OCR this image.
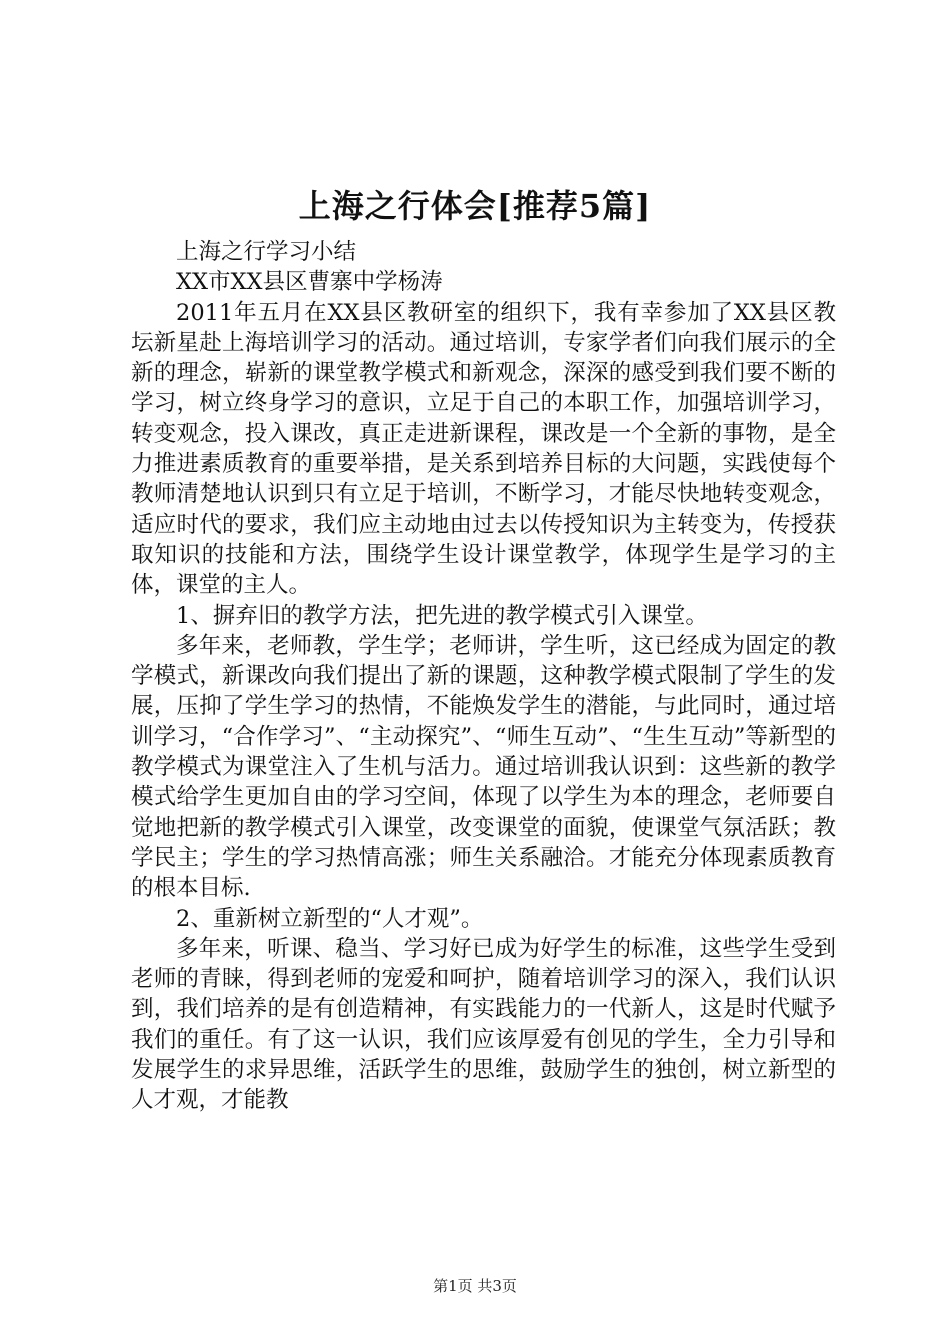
上海之行体会[推荐5篇]

上海之行学习小结

XX市XX县区曹寨中学杨涛

2011年五月在XX县区教研室的组织下，我有幸参加了XX县区教坛新星赴上海培训学习的活动。通过培训，专家学者们向我们展示的全新的理念，崭新的课堂教学模式和新观念，深深的感受到我们要不断的学习，树立终身学习的意识，立足于自己的本职工作，加强培训学习，转变观念，投入课改，真正走进新课程，课改是一个全新的事物，是全力推进素质教育的重要举措，是关系到培养目标的大问题，实践使每个教师清楚地认识到只有立足于培训，不断学习，才能尽快地转变观念，适应时代的要求，我们应主动地由过去以传授知识为主转变为，传授获取知识的技能和方法，围绕学生设计课堂教学，体现学生是学习的主体，课堂的主人。

1、摒弃旧的教学方法，把先进的教学模式引入课堂。

多年来，老师教，学生学；老师讲，学生听，这已经成为固定的教学模式，新课改向我们提出了新的课题，这种教学模式限制了学生的发展，压抑了学生学习的热情，不能焕发学生的潜能，与此同时，通过培训学习，“合作学习”、“主动探究”、“师生互动”、“生生互动”等新型的教学模式为课堂注入了生机与活力。通过培训我认识到：这些新的教学模式给学生更加自由的学习空间，体现了以学生为本的理念，老师要自觉地把新的教学模式引入课堂，改变课堂的面貌，使课堂气氛活跃；教学民主；学生的学习热情高涨；师生关系融洽。才能充分体现素质教育的根本目标.

2、重新树立新型的“人才观”。

多年来，听课、稳当、学习好已成为好学生的标准，这些学生受到老师的青睐，得到老师的宠爱和呵护，随着培训学习的深入，我们认识到，我们培养的是有创造精神，有实践能力的一代新人，这是时代赋予我们的重任。有了这一认识，我们应该厚爱有创见的学生，全力引导和发展学生的求异思维，活跃学生的思维，鼓励学生的独创，树立新型的人才观，才能教

第1页 共3页
